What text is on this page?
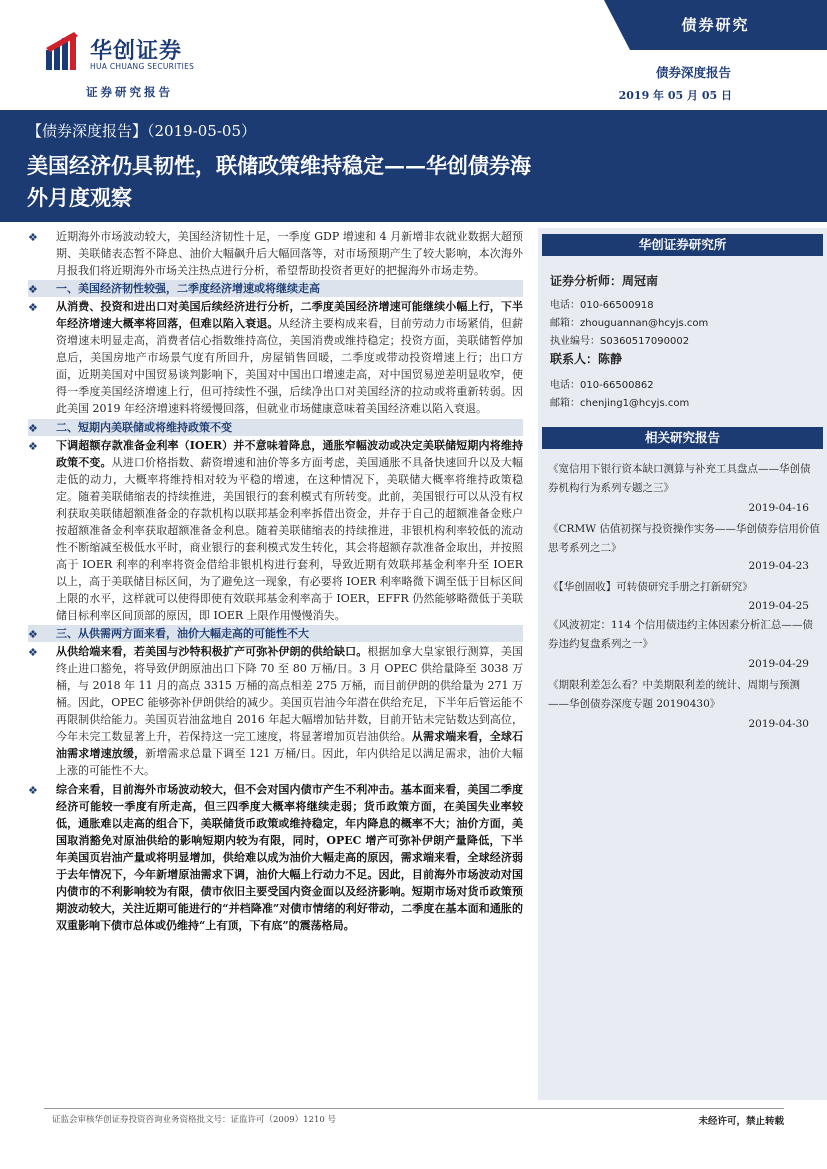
华创证券
HUA CHUANG SECURITIES
证券研究报告
债券研究
债券深度报告
2019 年 05 月 05 日
【债券深度报告】（2019-05-05）
美国经济仍具韧性，联储政策维持稳定——华创债券海外月度观察
❖ 近期海外市场波动较大，美国经济韧性十足，一季度 GDP 增速和 4 月新增非农就业数据大超预期、美联储表态暂不降息、油价大幅飙升后大幅回落等，对市场预期产生了较大影响，本次海外月报我们将近期海外市场关注热点进行分析，希望帮助投资者更好的把握海外市场走势。
❖ 一、美国经济韧性较强，二季度经济增速或将继续走高
❖ 从消费、投资和进出口对美国后续经济进行分析，二季度美国经济增速可能继续小幅上行，下半年经济增速大概率将回落，但难以陷入衰退。从经济主要构成来看，目前劳动力市场紧俏，但薪资增速未明显走高，消费者信心指数维持高位，美国消费或维持稳定；投资方面，美联储暂停加息后，美国房地产市场景气度有所回升，房屋销售回暖，二季度或带动投资增速上行；出口方面，近期美国对中国贸易谈判影响下，美国对中国出口增速走高，对中国贸易逆差明显收窄，使得一季度美国经济增速上行，但可持续性不强，后续净出口对美国经济的拉动或将重新转弱。因此美国 2019 年经济增速料将缓慢回落，但就业市场健康意味着美国经济难以陷入衰退。
❖ 二、短期内美联储或将维持政策不变
❖ 下调超额存款准备金利率（IOER）并不意味着降息，通胀窄幅波动或决定美联储短期内将维持政策不变。从进口价格指数、薪资增速和油价等多方面考虑，美国通胀不具备快速回升以及大幅走低的动力，大概率将维持相对较为平稳的增速，在这种情况下，美联储大概率将维持政策稳定。随着美联储缩表的持续推进，美国银行的套利模式有所转变。此前，美国银行可以从没有权利获取美联储超额准备金的存款机构以联邦基金利率拆借出资金，并存于自己的超额准备金账户按超额准备金利率获取超额准备金利息。随着美联储缩表的持续推进，非银机构利率较低的流动性不断缩减至极低水平时，商业银行的套利模式发生转化，其会将超额存款准备金取出，并按照高于 IOER 利率的利率将资金借给非银机构进行套利，导致近期有效联邦基金利率升至 IOER 以上，高于美联储目标区间，为了避免这一现象，有必要将 IOER 利率略微下调至低于目标区间上限的水平，这样就可以使得即使有效联邦基金利率高于 IOER，EFFR 仍然能够略微低于美联储目标利率区间顶部的原因，即 IOER 上限作用慢慢消失。
❖ 三、从供需两方面来看，油价大幅走高的可能性不大
❖ 从供给端来看，若美国与沙特积极扩产可弥补伊朗的供给缺口。根据加拿大皇家银行测算，美国终止进口豁免，将导致伊朗原油出口下降 70 至 80 万桶/日。3 月 OPEC 供给量降至 3038 万桶，与 2018 年 11 月的高点 3315 万桶的高点相差 275 万桶，而目前伊朗的供给量为 271 万桶。因此，OPEC 能够弥补伊朗供给的减少。美国页岩油今年潜在供给充足，下半年后管运能不再限制供给能力。美国页岩油盆地自 2016 年起大幅增加钻井数，目前开钻未完钻数达到高位，今年未完工数显著上升，若保持这一完工速度，将显著增加页岩油供给。从需求端来看，全球石油需求增速放缓，新增需求总量下调至 121 万桶/日。因此，年内供给足以满足需求，油价大幅上涨的可能性不大。
❖ 综合来看，目前海外市场波动较大，但不会对国内债市产生不利冲击。基本面来看，美国二季度经济可能较一季度有所走高，但三四季度大概率将继续走弱；货币政策方面，在美国失业率较低，通胀难以走高的组合下，美联储货币政策或维持稳定，年内降息的概率不大；油价方面，美国取消豁免对原油供给的影响短期内较为有限，同时，OPEC 增产可弥补伊朗产量降低，下半年美国页岩油产量或将明显增加，供给难以成为油价大幅走高的原因，需求端来看，全球经济弱于去年情况下，今年新增原油需求下调，油价大幅上行动力不足。因此，目前海外市场波动对国内债市的不利影响较为有限，债市依旧主要受国内资金面以及经济影响。短期市场对货币政策预期波动较大，关注近期可能进行的“并档降准”对债市情绪的利好带动，二季度在基本面和通胀的双重影响下债市总体或仍维持“上有顶，下有底”的震荡格局。
华创证券研究所
证券分析师：周冠南
电话：010-66500918
邮箱：zhouguannan@hcyjs.com
执业编号：S0360517090002
联系人：陈静
电话：010-66500862
邮箱：chenjing1@hcyjs.com
相关研究报告
《宽信用下银行资本缺口测算与补充工具盘点——华创债券机构行为系列专题之三》
2019-04-16
《CRMW 估值初探与投资操作实务——华创债券信用价值思考系列之二》
2019-04-23
《【华创固收】可转债研究手册之打新研究》
2019-04-25
《风波初定：114 个信用债违约主体因素分析汇总——债券违约复盘系列之一》
2019-04-29
《期限利差怎么看？中美期限利差的统计、周期与预测——华创债券深度专题 20190430》
2019-04-30
证监会审核华创证券投资咨询业务资格批文号：证监许可（2009）1210 号	未经许可，禁止转载
